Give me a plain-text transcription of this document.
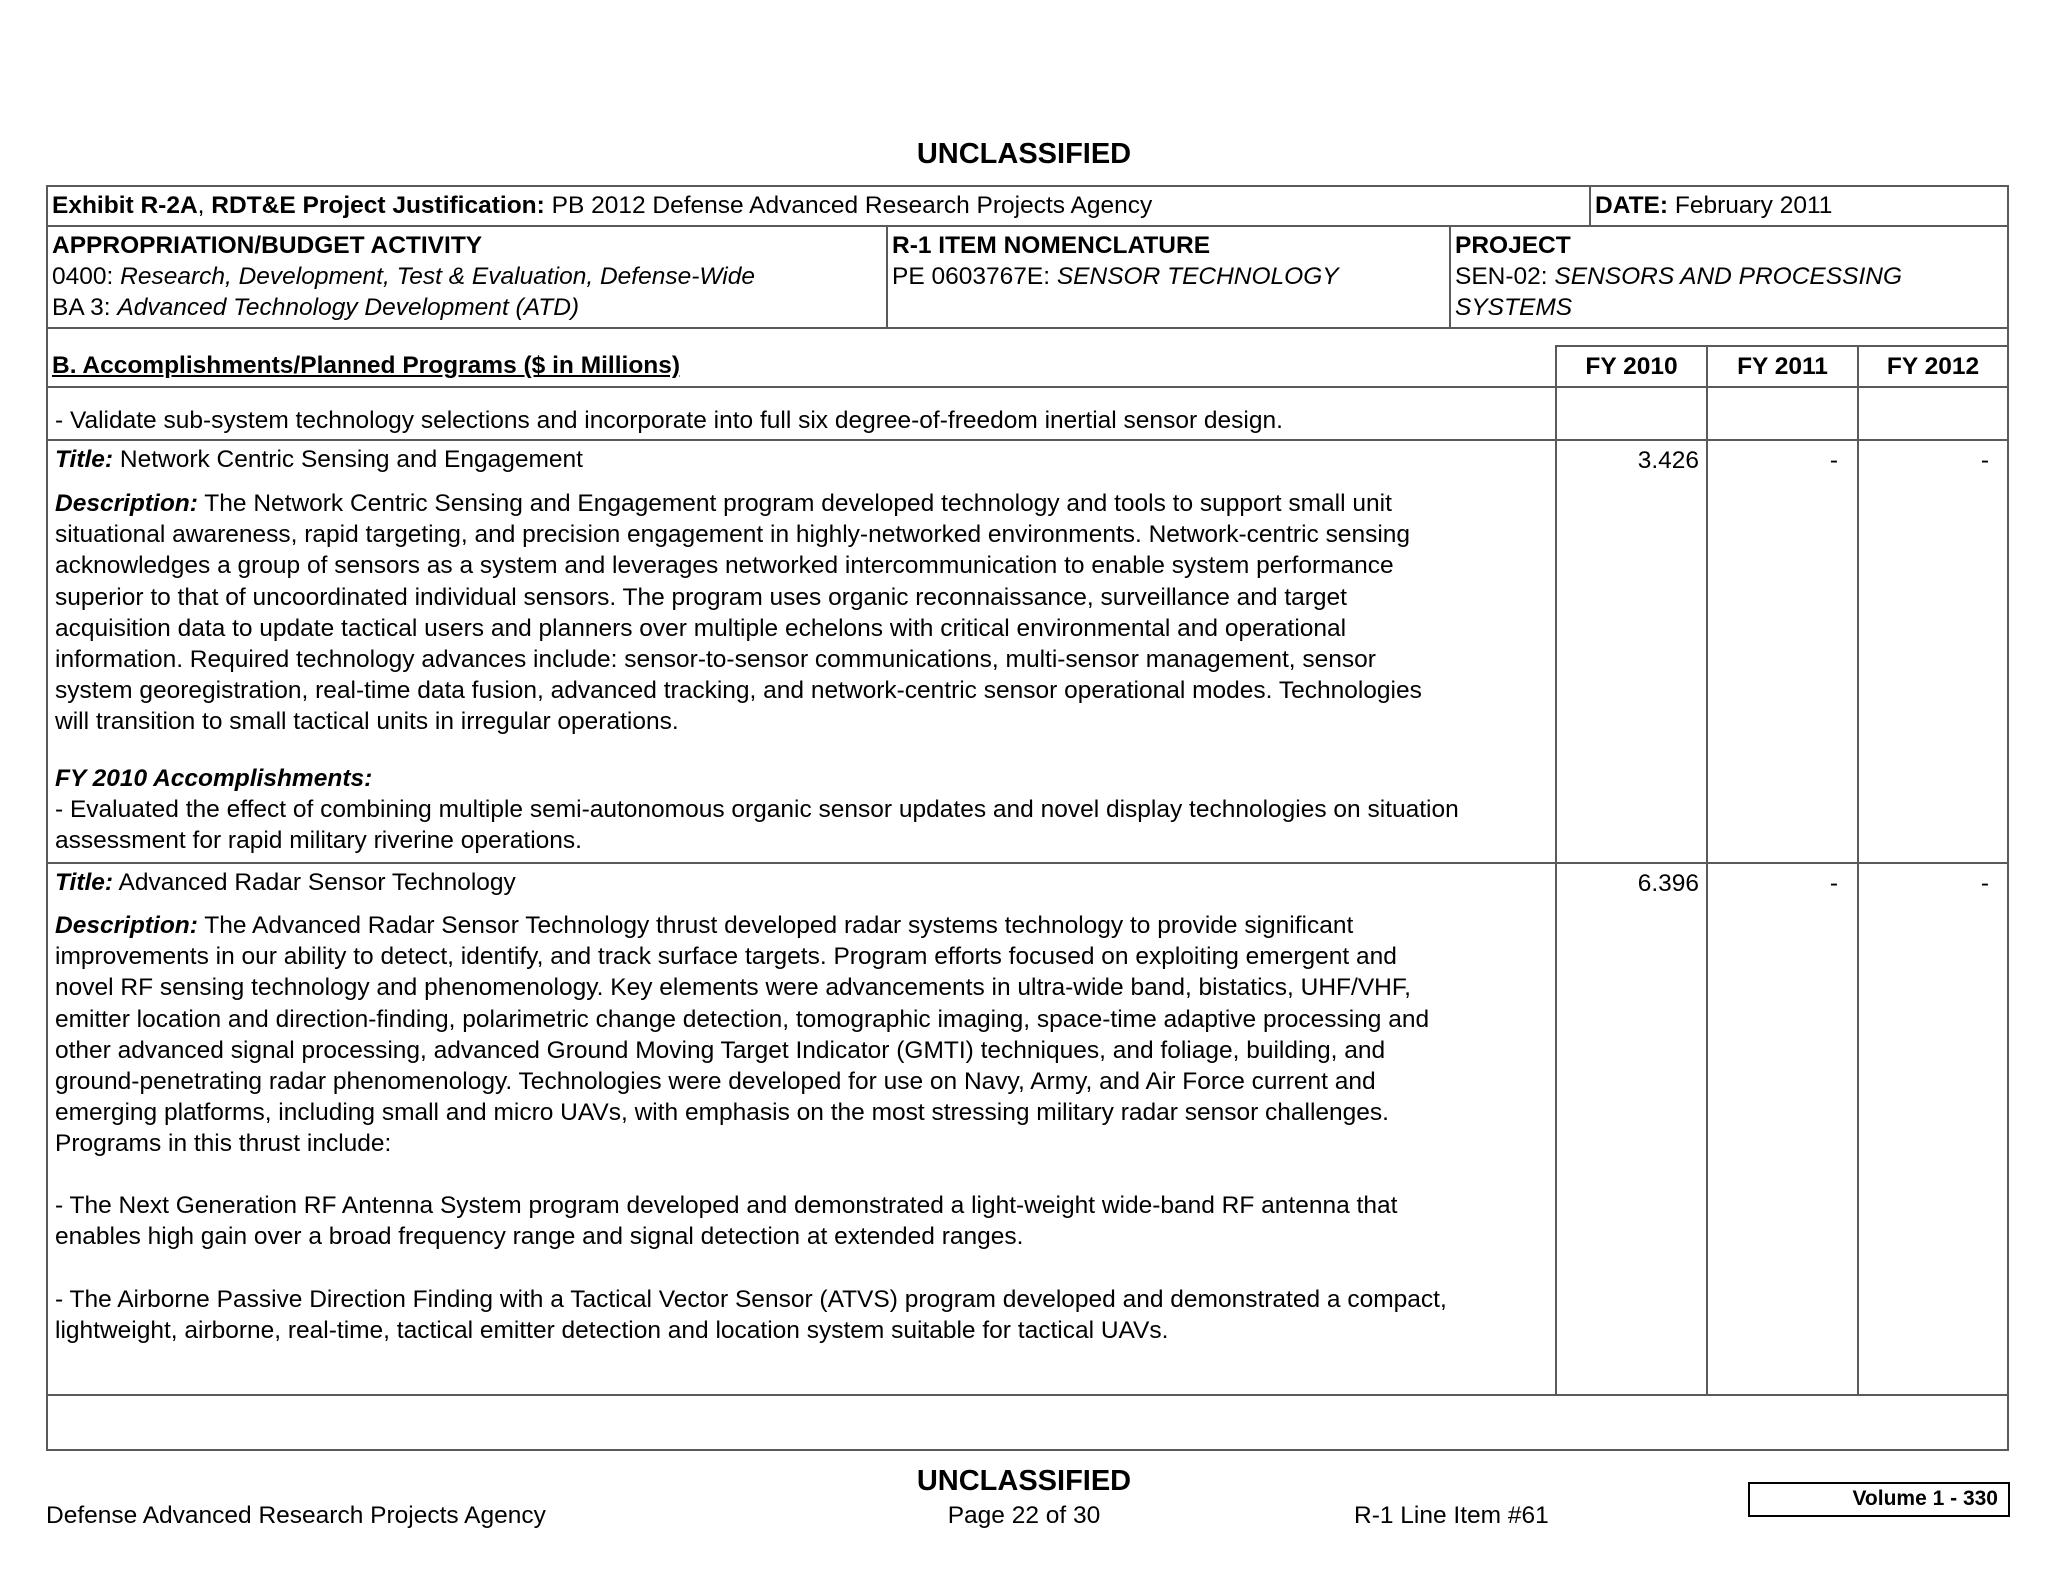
UNCLASSIFIED
Exhibit R-2A, RDT&E Project Justification: PB 2012 Defense Advanced Research Projects Agency	DATE: February 2011
APPROPRIATION/BUDGET ACTIVITY
0400: Research, Development, Test & Evaluation, Defense-Wide
BA 3: Advanced Technology Development (ATD)
R-1 ITEM NOMENCLATURE
PE 0603767E: SENSOR TECHNOLOGY
PROJECT
SEN-02: SENSORS AND PROCESSING
SYSTEMS
B. Accomplishments/Planned Programs ($ in Millions)	FY 2010	FY 2011	FY 2012
- Validate sub-system technology selections and incorporate into full six degree-of-freedom inertial sensor design.
Title: Network Centric Sensing and Engagement
Description: The Network Centric Sensing and Engagement program developed technology and tools to support small unit
situational awareness, rapid targeting, and precision engagement in highly-networked environments. Network-centric sensing
acknowledges a group of sensors as a system and leverages networked intercommunication to enable system performance
superior to that of uncoordinated individual sensors. The program uses organic reconnaissance, surveillance and target
acquisition data to update tactical users and planners over multiple echelons with critical environmental and operational
information. Required technology advances include: sensor-to-sensor communications, multi-sensor management, sensor
system georegistration, real-time data fusion, advanced tracking, and network-centric sensor operational modes. Technologies
will transition to small tactical units in irregular operations.
FY 2010 Accomplishments:
- Evaluated the effect of combining multiple semi-autonomous organic sensor updates and novel display technologies on situation
assessment for rapid military riverine operations.
3.426	-	-
Title: Advanced Radar Sensor Technology
Description: The Advanced Radar Sensor Technology thrust developed radar systems technology to provide significant
improvements in our ability to detect, identify, and track surface targets. Program efforts focused on exploiting emergent and
novel RF sensing technology and phenomenology. Key elements were advancements in ultra-wide band, bistatics, UHF/VHF,
emitter location and direction-finding, polarimetric change detection, tomographic imaging, space-time adaptive processing and
other advanced signal processing, advanced Ground Moving Target Indicator (GMTI) techniques, and foliage, building, and
ground-penetrating radar phenomenology. Technologies were developed for use on Navy, Army, and Air Force current and
emerging platforms, including small and micro UAVs, with emphasis on the most stressing military radar sensor challenges.
Programs in this thrust include:
- The Next Generation RF Antenna System program developed and demonstrated a light-weight wide-band RF antenna that
enables high gain over a broad frequency range and signal detection at extended ranges.
- The Airborne Passive Direction Finding with a Tactical Vector Sensor (ATVS) program developed and demonstrated a compact,
lightweight, airborne, real-time, tactical emitter detection and location system suitable for tactical UAVs.
6.396	-	-
UNCLASSIFIED
Defense Advanced Research Projects Agency	Page 22 of 30	R-1 Line Item #61
Volume 1 - 330
